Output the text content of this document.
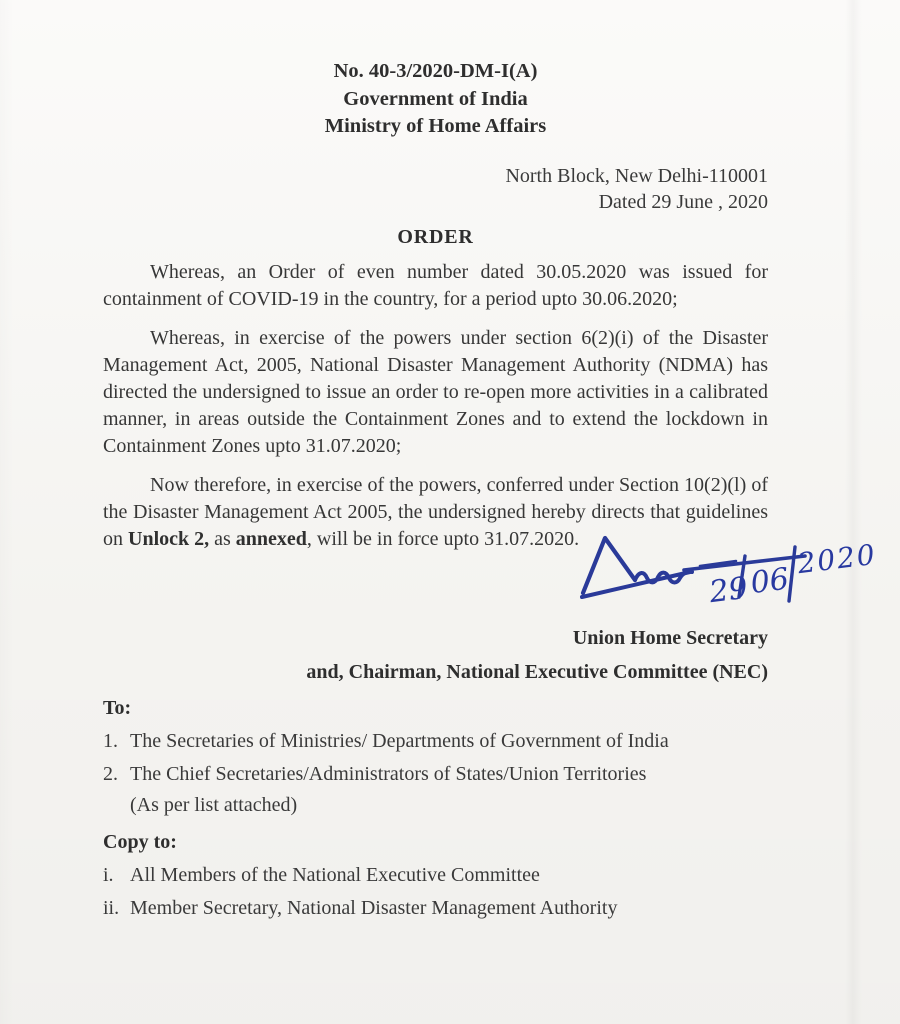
No. 40-3/2020-DM-I(A)
Government of India
Ministry of Home Affairs
North Block, New Delhi-110001
Dated 29 June , 2020
ORDER

Whereas, an Order of even number dated 30.05.2020 was issued for containment of COVID-19 in the country, for a period upto 30.06.2020;

Whereas, in exercise of the powers under section 6(2)(i) of the Disaster Management Act, 2005, National Disaster Management Authority (NDMA) has directed the undersigned to issue an order to re-open more activities in a calibrated manner, in areas outside the Containment Zones and to extend the lockdown in Containment Zones upto 31.07.2020;

Now therefore, in exercise of the powers, conferred under Section 10(2)(l) of the Disaster Management Act 2005, the undersigned hereby directs that guidelines on Unlock 2, as annexed, will be in force upto 31.07.2020.

Union Home Secretary
and, Chairman, National Executive Committee (NEC)
To:
1. The Secretaries of Ministries/ Departments of Government of India
2. The Chief Secretaries/Administrators of States/Union Territories
(As per list attached)
Copy to:
i. All Members of the National Executive Committee
ii. Member Secretary, National Disaster Management Authority
29 06
2020
